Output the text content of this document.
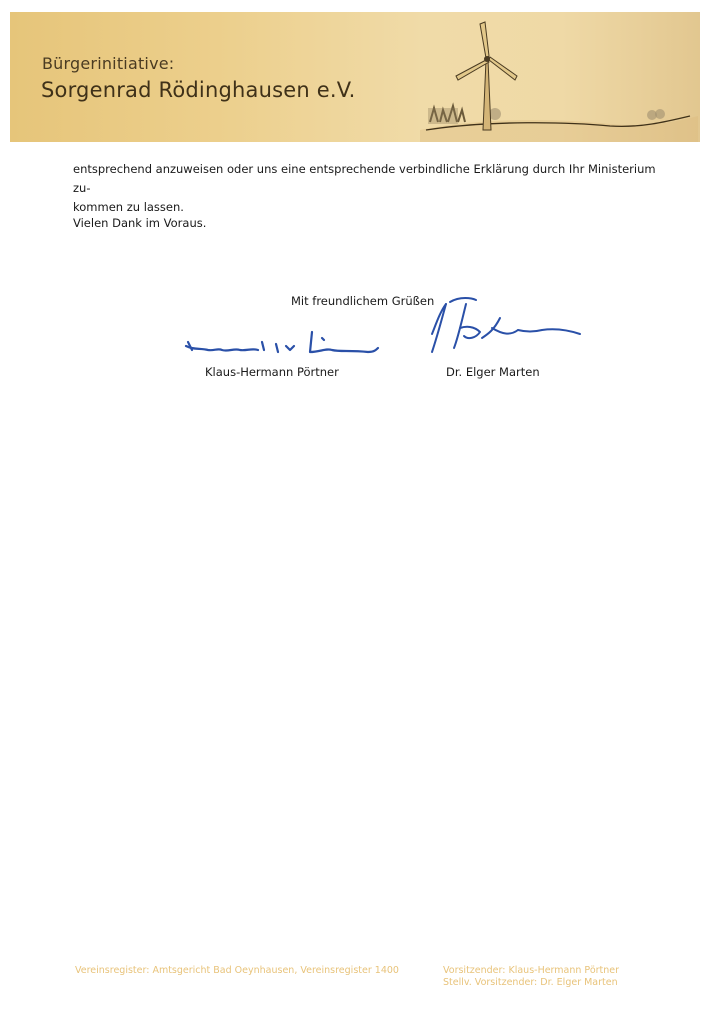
Bürgerinitiative:
Sorgenrad Rödinghausen e.V.
entsprechend anzuweisen oder uns eine entsprechende verbindliche Erklärung durch Ihr Ministerium zu-
kommen zu lassen.
Vielen Dank im Voraus.
Mit freundlichem Grüßen
Klaus-Hermann Pörtner	Dr. Elger Marten
Vereinsregister: Amtsgericht Bad Oeynhausen, Vereinsregister 1400	Vorsitzender: Klaus-Hermann Pörtner
Stellv. Vorsitzender: Dr. Elger Marten
